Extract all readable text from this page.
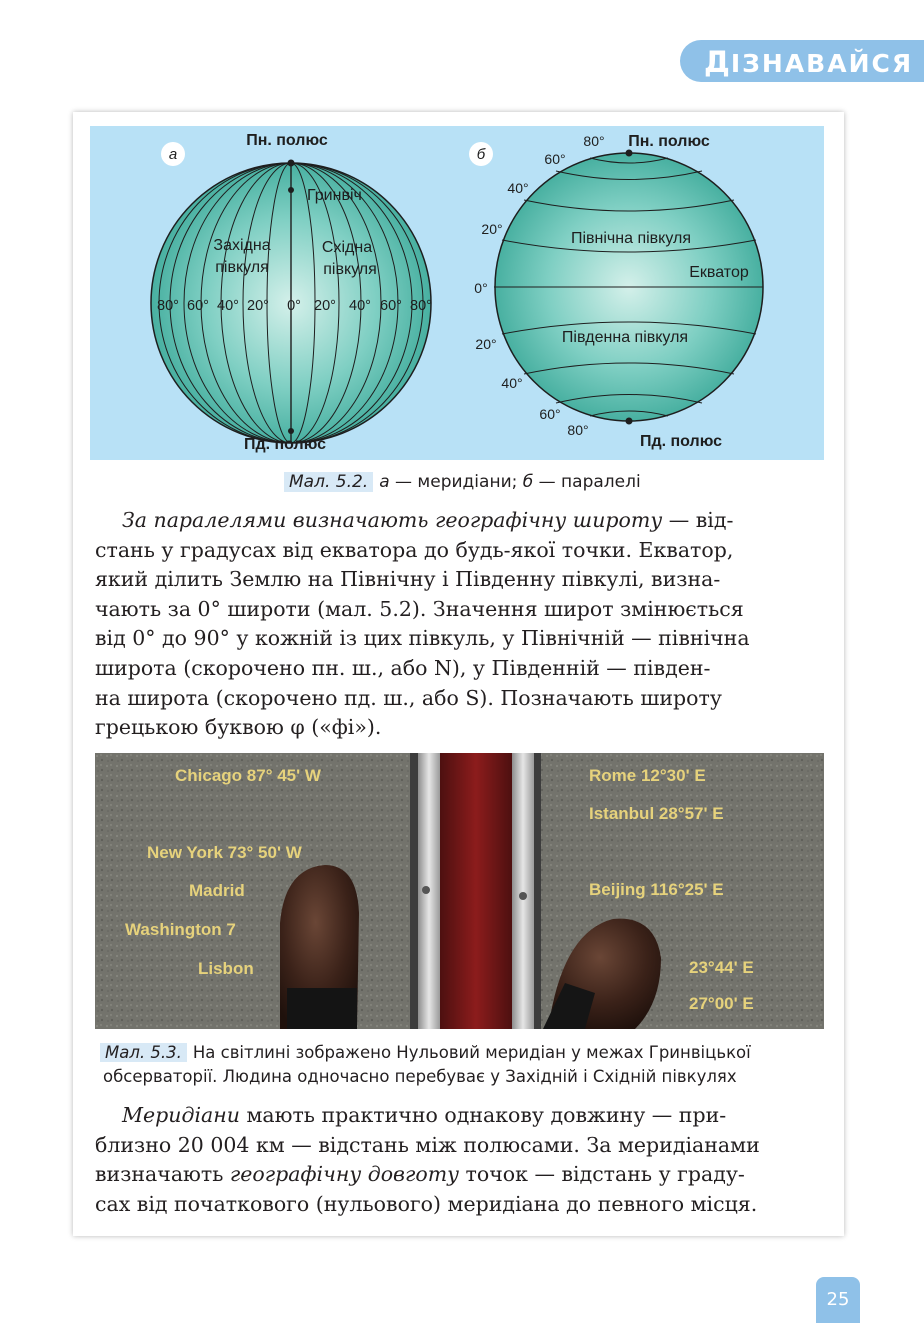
ДІЗНАВАЙСЯ
а	б
Пн. полюс
Пд. полюс
Гринвіч
Західна
півкуля
Східна
півкуля
80° 60° 40° 20° 0° 20° 40° 60° 80°
Пн. полюс
Пд. полюс
Північна півкуля
Південна півкуля
Екватор
80°
60°
40°
20°
0°
20°
40°
60°
80°
Мал. 5.2. а — меридіани; б — паралелі
За паралелями визначають географічну широту — від-
стань у градусах від екватора до будь-якої точки. Екватор,
який ділить Землю на Північну і Південну півкулі, визна-
чають за 0° широти (мал. 5.2). Значення широт змінюється
від 0° до 90° у кожній із цих півкуль, у Північній — північна
широта (скорочено пн. ш., або N), у Південній — півден-
на широта (скорочено пд. ш., або S). Позначають широту
грецькою буквою φ («фі»).
Chicago 87° 45' W
New York 73° 50' W
Madrid
Washington 7
Lisbon
Rome 12°30' E
Istanbul 28°57' E
Beijing 116°25' E
23°44' E
27°00' E
Мал. 5.3. На світлині зображено Нульовий меридіан у межах Гринвіцької
обсерваторії. Людина одночасно перебуває у Західній і Східній півкулях
Меридіани мають практично однакову довжину — при-
близно 20 004 км — відстань між полюсами. За меридіанами
визначають географічну довготу точок — відстань у граду-
сах від початкового (нульового) меридіана до певного місця.
25
